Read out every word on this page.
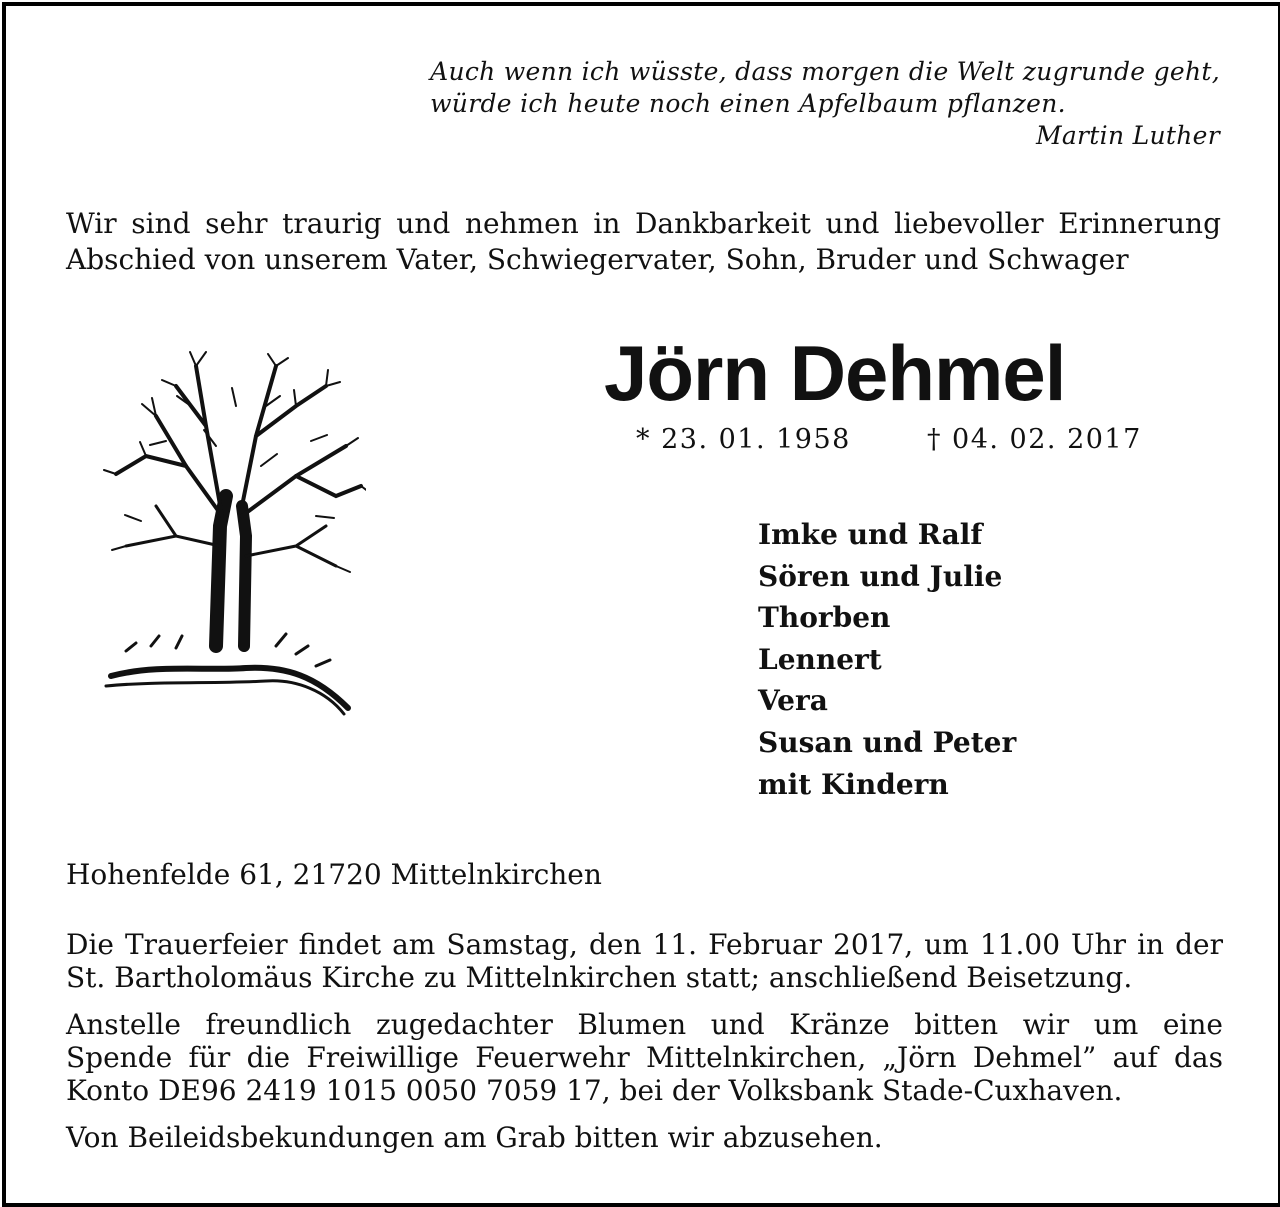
Auch wenn ich wüsste, dass morgen die Welt zugrunde geht,
würde ich heute noch einen Apfelbaum pflanzen.
Martin Luther
Wir sind sehr traurig und nehmen in Dankbarkeit und liebevoller Erinnerung
Abschied von unserem Vater, Schwiegervater, Sohn, Bruder und Schwager
Jörn Dehmel
* 23. 01. 1958	† 04. 02. 2017
Imke und Ralf
Sören und Julie
Thorben
Lennert
Vera
Susan und Peter
mit Kindern
Hohenfelde 61, 21720 Mittelnkirchen
Die Trauerfeier findet am Samstag, den 11. Februar 2017, um 11.00 Uhr in der
St. Bartholomäus Kirche zu Mittelnkirchen statt; anschließend Beisetzung.
Anstelle freundlich zugedachter Blumen und Kränze bitten wir um eine
Spende für die Freiwillige Feuerwehr Mittelnkirchen, „Jörn Dehmel” auf das
Konto DE96 2419 1015 0050 7059 17, bei der Volksbank Stade-Cuxhaven.
Von Beileidsbekundungen am Grab bitten wir abzusehen.
